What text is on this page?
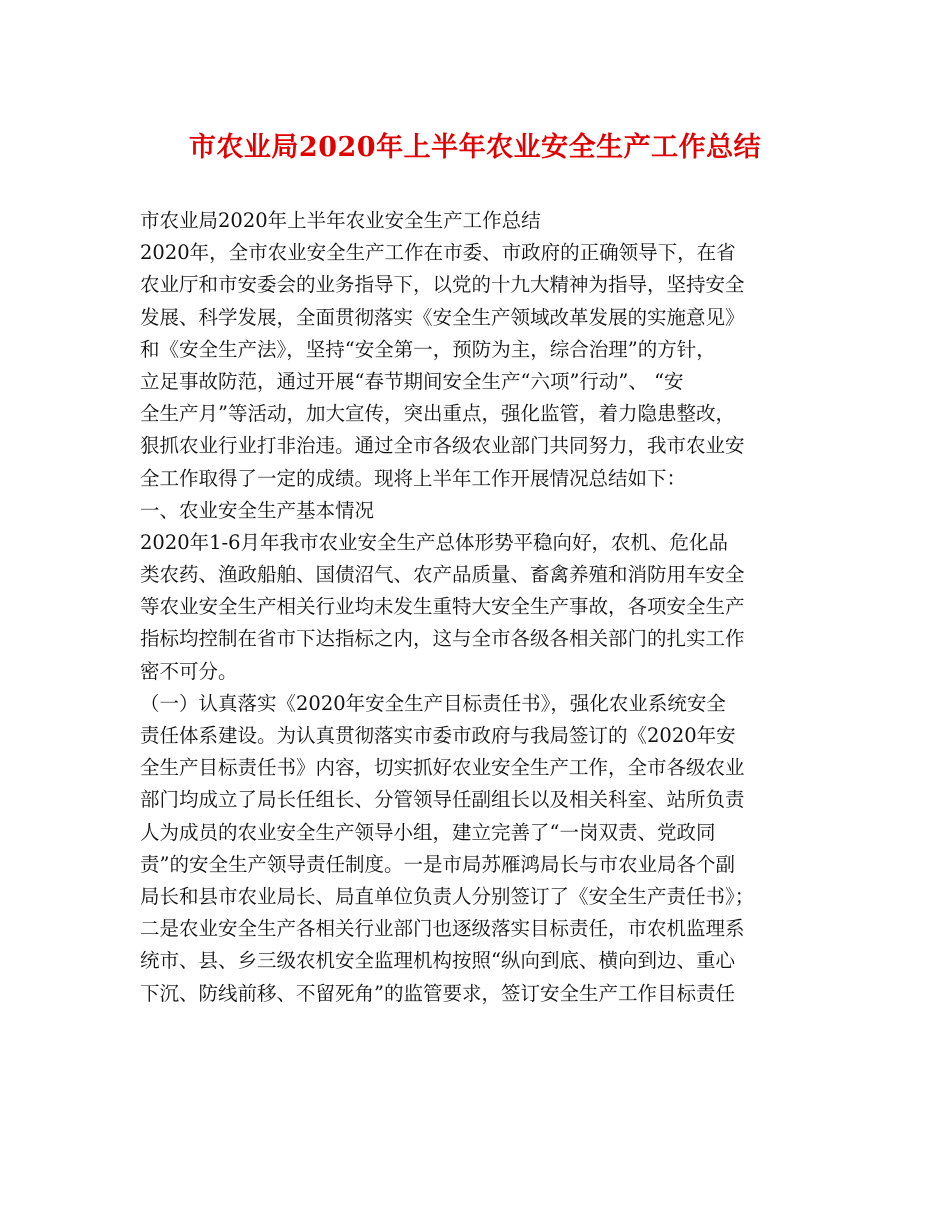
市农业局2020年上半年农业安全生产工作总结
市农业局2020年上半年农业安全生产工作总结
2020年，全市农业安全生产工作在市委、市政府的正确领导下，在省
农业厅和市安委会的业务指导下，以党的十九大精神为指导，坚持安全
发展、科学发展，全面贯彻落实《安全生产领域改革发展的实施意见》
和《安全生产法》，坚持“安全第一，预防为主，综合治理”的方针，
立足事故防范，通过开展“春节期间安全生产“六项”行动”、 “安
全生产月”等活动，加大宣传，突出重点，强化监管，着力隐患整改，
狠抓农业行业打非治违。通过全市各级农业部门共同努力，我市农业安
全工作取得了一定的成绩。现将上半年工作开展情况总结如下：
一、农业安全生产基本情况
2020年1-6月年我市农业安全生产总体形势平稳向好，农机、危化品
类农药、渔政船舶、国债沼气、农产品质量、畜禽养殖和消防用车安全
等农业安全生产相关行业均未发生重特大安全生产事故，各项安全生产
指标均控制在省市下达指标之内，这与全市各级各相关部门的扎实工作
密不可分。
（一）认真落实《2020年安全生产目标责任书》，强化农业系统安全
责任体系建设。为认真贯彻落实市委市政府与我局签订的《2020年安
全生产目标责任书》内容，切实抓好农业安全生产工作，全市各级农业
部门均成立了局长任组长、分管领导任副组长以及相关科室、站所负责
人为成员的农业安全生产领导小组，建立完善了“一岗双责、党政同
责”的安全生产领导责任制度。一是市局苏雁鸿局长与市农业局各个副
局长和县市农业局长、局直单位负责人分别签订了《安全生产责任书》；
二是农业安全生产各相关行业部门也逐级落实目标责任，市农机监理系
统市、县、乡三级农机安全监理机构按照“纵向到底、横向到边、重心
下沉、防线前移、不留死角”的监管要求，签订安全生产工作目标责任
